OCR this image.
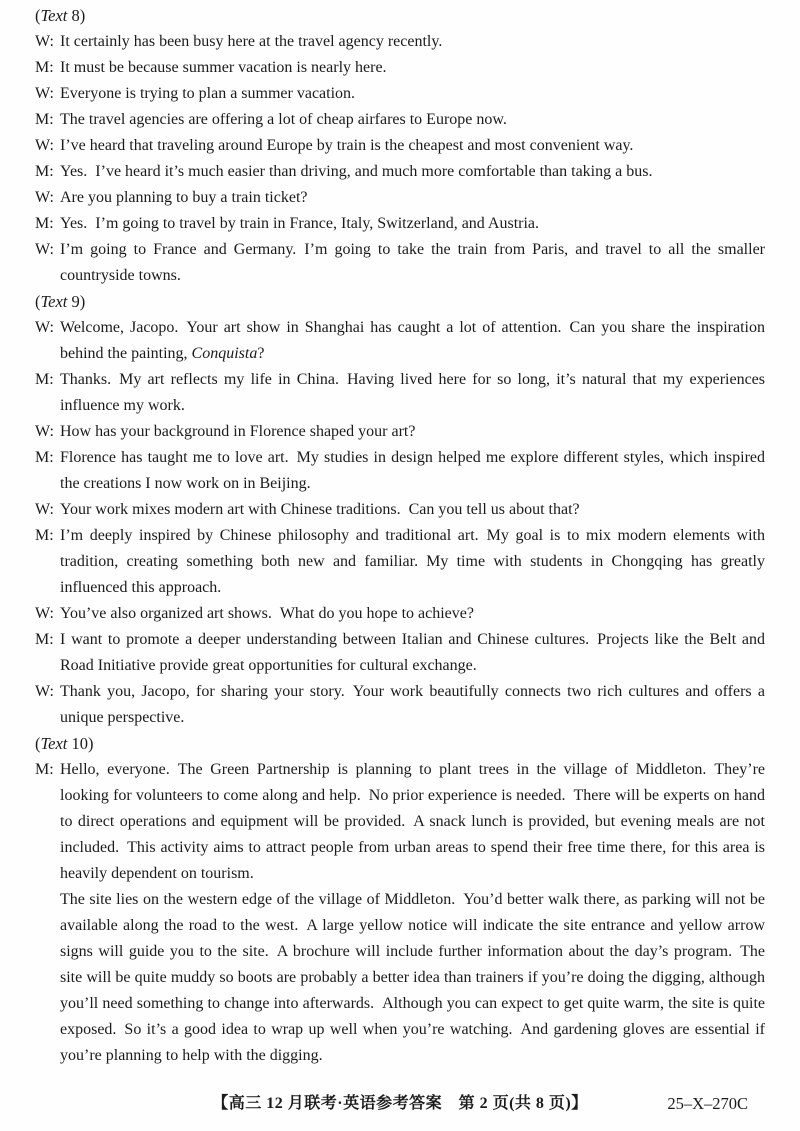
(Text 8)

W: It certainly has been busy here at the travel agency recently.

M: It must be because summer vacation is nearly here.

W: Everyone is trying to plan a summer vacation.

M: The travel agencies are offering a lot of cheap airfares to Europe now.

W: I’ve heard that traveling around Europe by train is the cheapest and most convenient way.

M: Yes. I’ve heard it’s much easier than driving, and much more comfortable than taking a bus.

W: Are you planning to buy a train ticket?

M: Yes. I’m going to travel by train in France, Italy, Switzerland, and Austria.

W: I’m going to France and Germany. I’m going to take the train from Paris, and travel to all the smaller countryside towns.

(Text 9)

W: Welcome, Jacopo. Your art show in Shanghai has caught a lot of attention. Can you share the inspiration behind the painting, Conquista?

M: Thanks. My art reflects my life in China. Having lived here for so long, it’s natural that my experiences influence my work.

W: How has your background in Florence shaped your art?

M: Florence has taught me to love art. My studies in design helped me explore different styles, which inspired the creations I now work on in Beijing.

W: Your work mixes modern art with Chinese traditions. Can you tell us about that?

M: I’m deeply inspired by Chinese philosophy and traditional art. My goal is to mix modern elements with tradition, creating something both new and familiar. My time with students in Chongqing has greatly influenced this approach.

W: You’ve also organized art shows. What do you hope to achieve?

M: I want to promote a deeper understanding between Italian and Chinese cultures. Projects like the Belt and Road Initiative provide great opportunities for cultural exchange.

W: Thank you, Jacopo, for sharing your story. Your work beautifully connects two rich cultures and offers a unique perspective.

(Text 10)

M: Hello, everyone. The Green Partnership is planning to plant trees in the village of Middleton. They’re looking for volunteers to come along and help. No prior experience is needed. There will be experts on hand to direct operations and equipment will be provided. A snack lunch is provided, but evening meals are not included. This activity aims to attract people from urban areas to spend their free time there, for this area is heavily dependent on tourism.

The site lies on the western edge of the village of Middleton. You’d better walk there, as parking will not be available along the road to the west. A large yellow notice will indicate the site entrance and yellow arrow signs will guide you to the site. A brochure will include further information about the day’s program. The site will be quite muddy so boots are probably a better idea than trainers if you’re doing the digging, although you’ll need something to change into afterwards. Although you can expect to get quite warm, the site is quite exposed. So it’s a good idea to wrap up well when you’re watching. And gardening gloves are essential if you’re planning to help with the digging.

【高三 12 月联考·英语参考答案　第 2 页(共 8 页)】	25–X–270C
